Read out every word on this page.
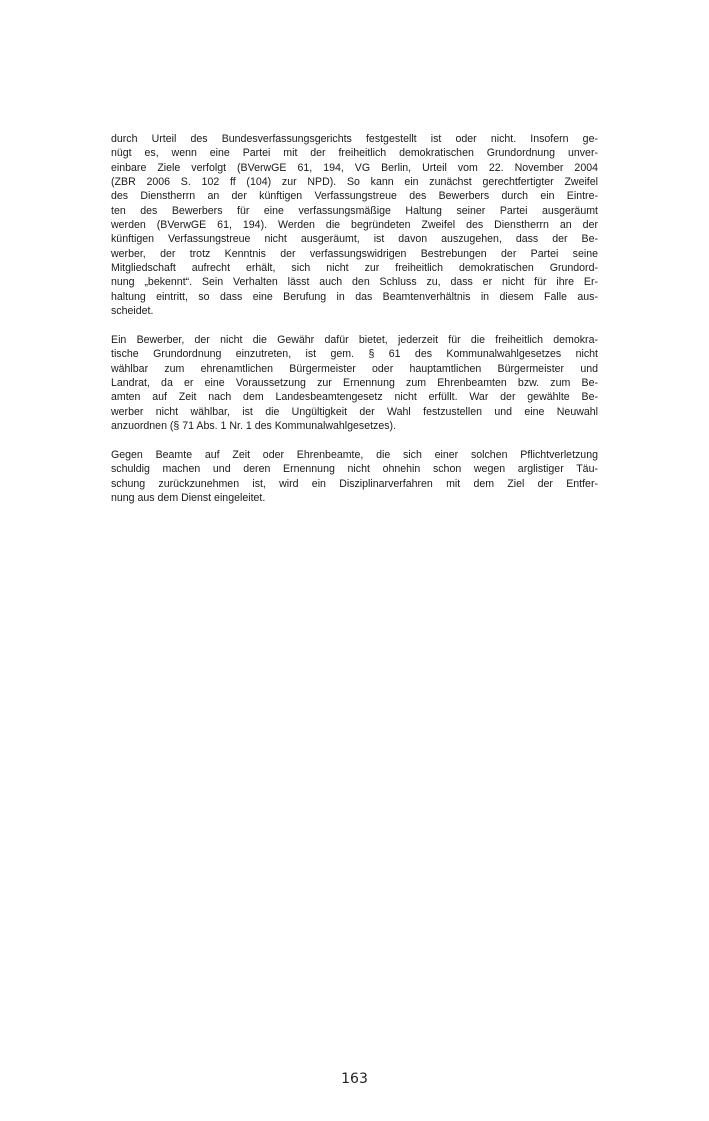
durch Urteil des Bundesverfassungsgerichts festgestellt ist oder nicht. Insofern ge-
nügt es, wenn eine Partei mit der freiheitlich demokratischen Grundordnung unver-
einbare Ziele verfolgt (BVerwGE 61, 194, VG Berlin, Urteil vom 22. November 2004
(ZBR 2006 S. 102 ff (104) zur NPD). So kann ein zunächst gerechtfertigter Zweifel
des Dienstherrn an der künftigen Verfassungstreue des Bewerbers durch ein Eintre-
ten des Bewerbers für eine verfassungsmäßige Haltung seiner Partei ausgeräumt
werden (BVerwGE 61, 194). Werden die begründeten Zweifel des Dienstherrn an der
künftigen Verfassungstreue nicht ausgeräumt, ist davon auszugehen, dass der Be-
werber, der trotz Kenntnis der verfassungswidrigen Bestrebungen der Partei seine
Mitgliedschaft aufrecht erhält, sich nicht zur freiheitlich demokratischen Grundord-
nung „bekennt“. Sein Verhalten lässt auch den Schluss zu, dass er nicht für ihre Er-
haltung eintritt, so dass eine Berufung in das Beamtenverhältnis in diesem Falle aus-
scheidet.
Ein Bewerber, der nicht die Gewähr dafür bietet, jederzeit für die freiheitlich demokra-
tische Grundordnung einzutreten, ist gem. § 61 des Kommunalwahlgesetzes nicht
wählbar zum ehrenamtlichen Bürgermeister oder hauptamtlichen Bürgermeister und
Landrat, da er eine Voraussetzung zur Ernennung zum Ehrenbeamten bzw. zum Be-
amten auf Zeit nach dem Landesbeamtengesetz nicht erfüllt. War der gewählte Be-
werber nicht wählbar, ist die Ungültigkeit der Wahl festzustellen und eine Neuwahl
anzuordnen (§ 71 Abs. 1 Nr. 1 des Kommunalwahlgesetzes).
Gegen Beamte auf Zeit oder Ehrenbeamte, die sich einer solchen Pflichtverletzung
schuldig machen und deren Ernennung nicht ohnehin schon wegen arglistiger Täu-
schung zurückzunehmen ist, wird ein Disziplinarverfahren mit dem Ziel der Entfer-
nung aus dem Dienst eingeleitet.
163
